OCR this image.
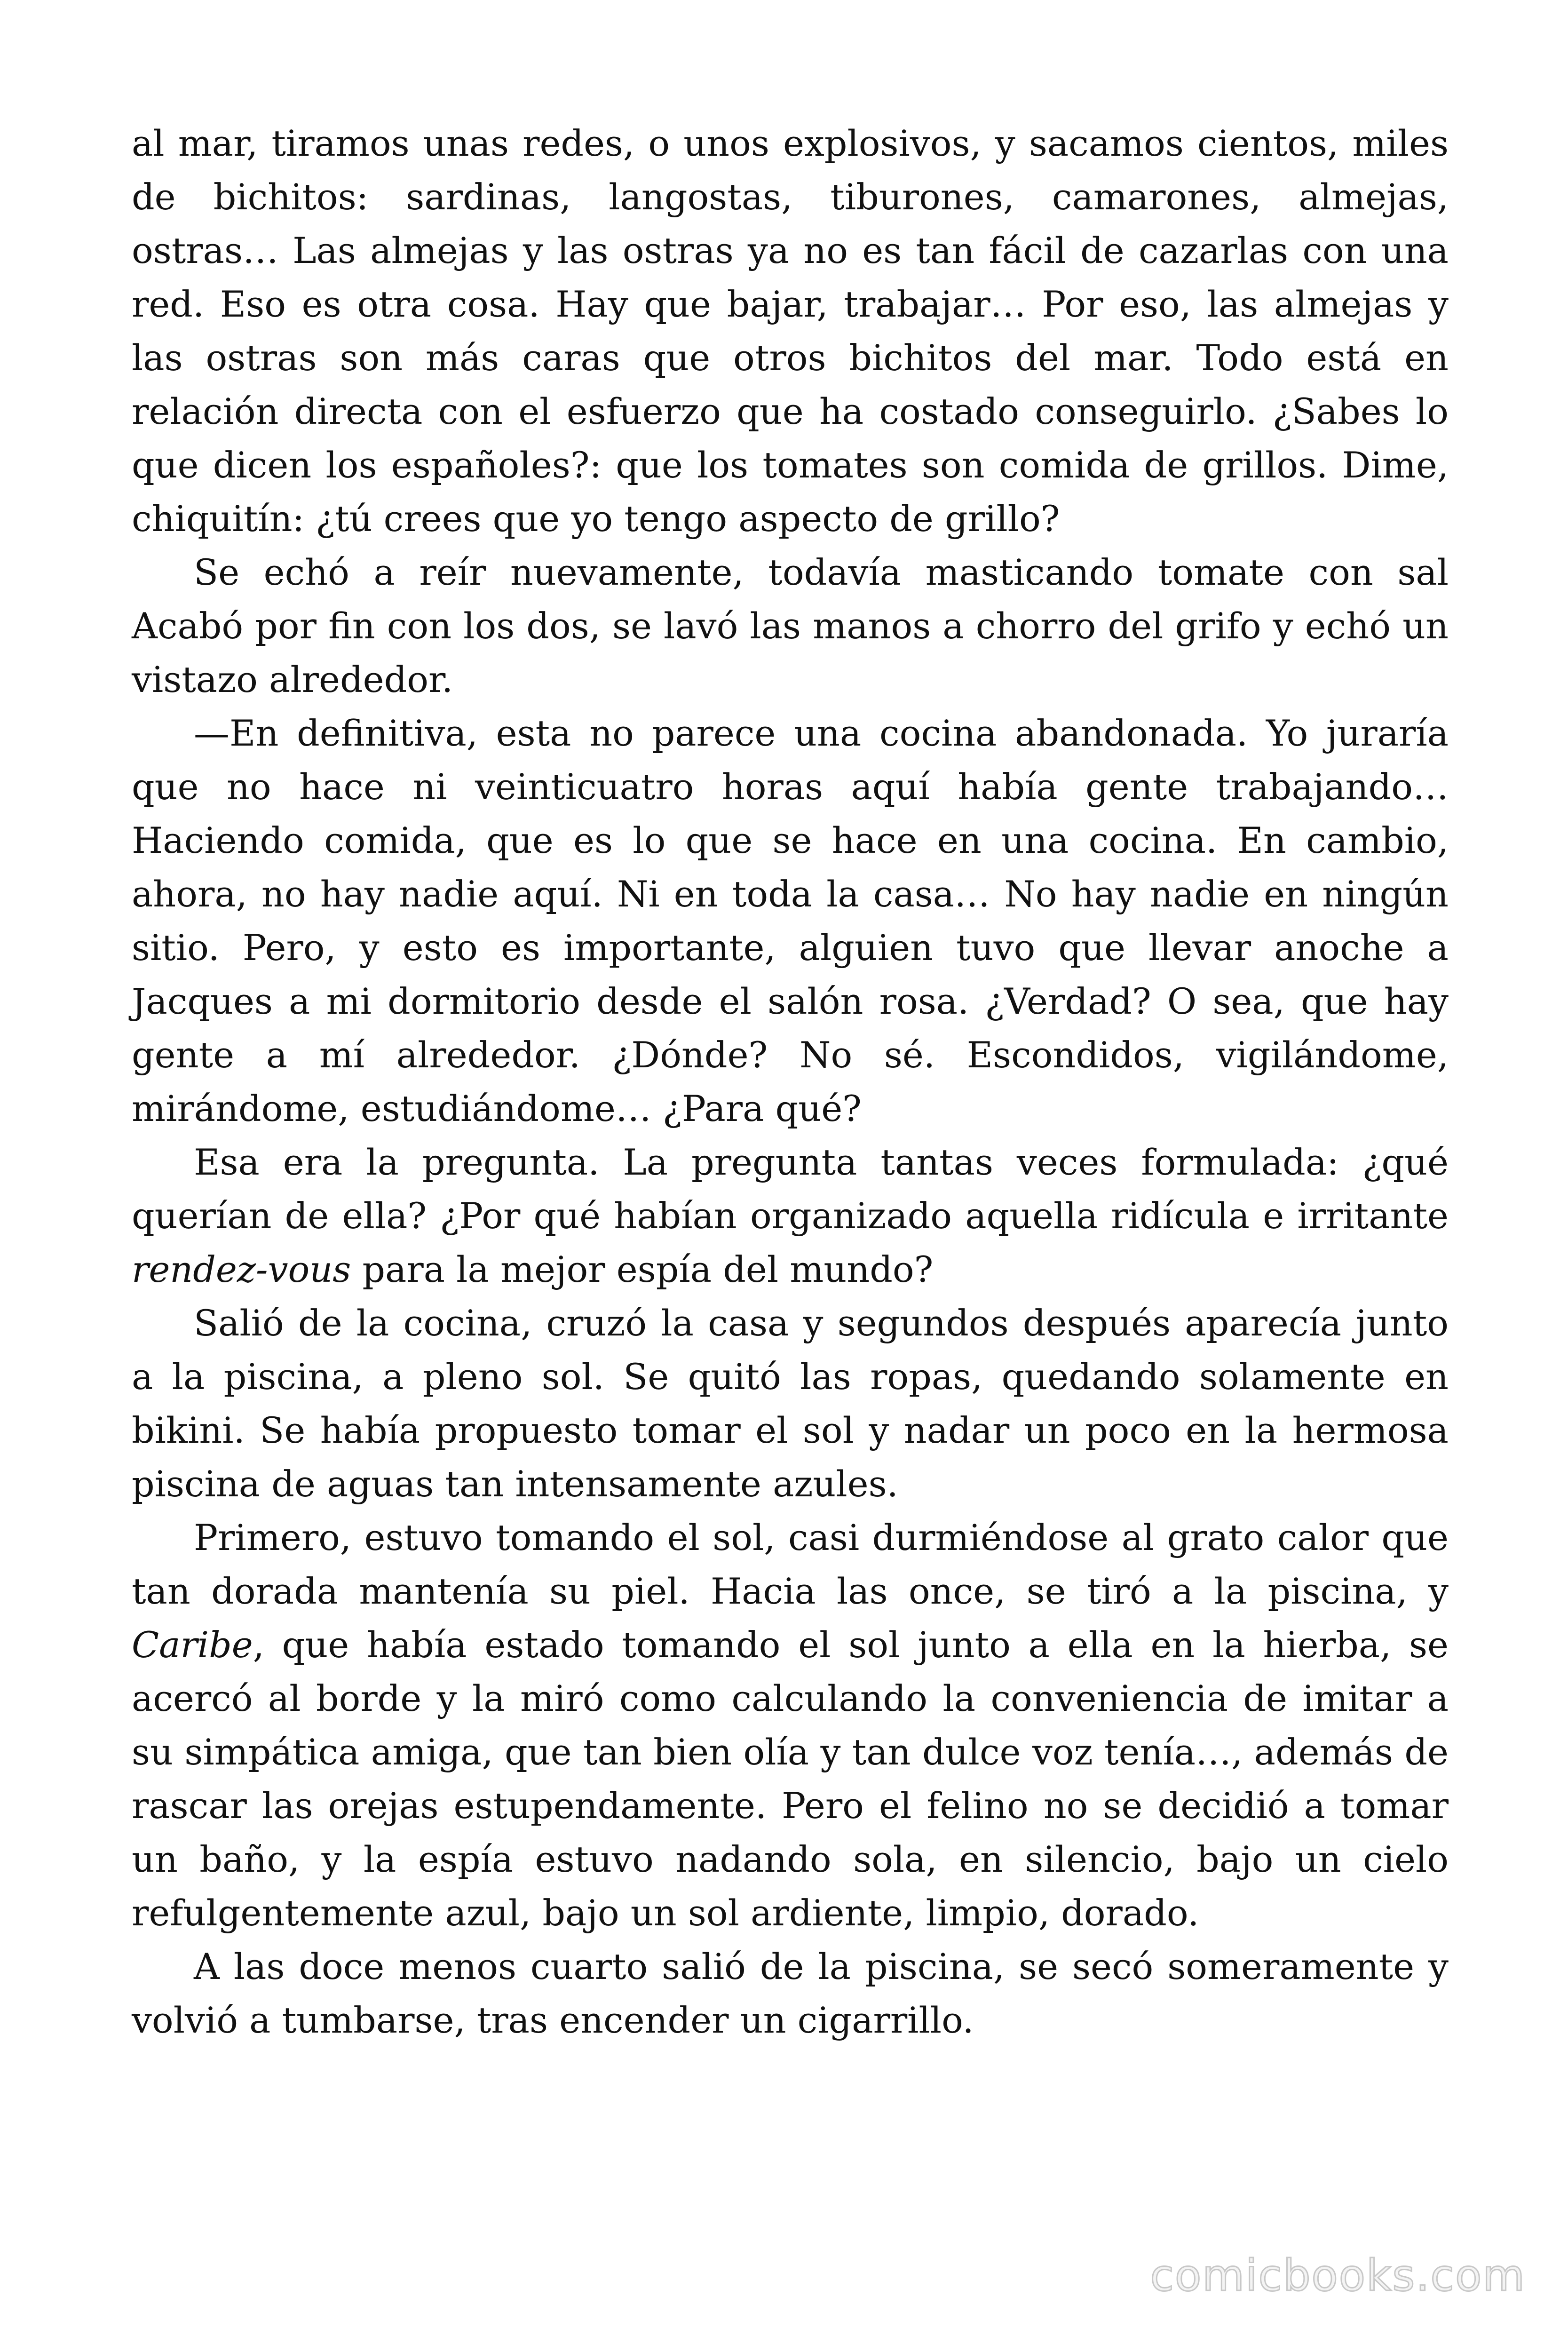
al mar, tiramos unas redes, o unos explosivos, y sacamos cientos, miles de bichitos: sardinas, langostas, tiburones, camarones, almejas, ostras… Las almejas y las ostras ya no es tan fácil de cazarlas con una red. Eso es otra cosa. Hay que bajar, trabajar… Por eso, las almejas y las ostras son más caras que otros bichitos del mar. Todo está en relación directa con el esfuerzo que ha costado conseguirlo. ¿Sabes lo que dicen los españoles?: que los tomates son comida de grillos. Dime, chiquitín: ¿tú crees que yo tengo aspecto de grillo?

Se echó a reír nuevamente, todavía masticando tomate con sal Acabó por fin con los dos, se lavó las manos a chorro del grifo y echó un vistazo alrededor.

—En definitiva, esta no parece una cocina abandonada. Yo juraría que no hace ni veinticuatro horas aquí había gente trabajando… Haciendo comida, que es lo que se hace en una cocina. En cambio, ahora, no hay nadie aquí. Ni en toda la casa… No hay nadie en ningún sitio. Pero, y esto es importante, alguien tuvo que llevar anoche a Jacques a mi dormitorio desde el salón rosa. ¿Verdad? O sea, que hay gente a mí alrededor. ¿Dónde? No sé. Escondidos, vigilándome, mirándome, estudiándome… ¿Para qué?

Esa era la pregunta. La pregunta tantas veces formulada: ¿qué querían de ella? ¿Por qué habían organizado aquella ridícula e irritante rendez-vous para la mejor espía del mundo?

Salió de la cocina, cruzó la casa y segundos después aparecía junto a la piscina, a pleno sol. Se quitó las ropas, quedando solamente en bikini. Se había propuesto tomar el sol y nadar un poco en la hermosa piscina de aguas tan intensamente azules.

Primero, estuvo tomando el sol, casi durmiéndose al grato calor que tan dorada mantenía su piel. Hacia las once, se tiró a la piscina, y Caribe, que había estado tomando el sol junto a ella en la hierba, se acercó al borde y la miró como calculando la conveniencia de imitar a su simpática amiga, que tan bien olía y tan dulce voz tenía…, además de rascar las orejas estupendamente. Pero el felino no se decidió a tomar un baño, y la espía estuvo nadando sola, en silencio, bajo un cielo refulgentemente azul, bajo un sol ardiente, limpio, dorado.

A las doce menos cuarto salió de la piscina, se secó someramente y volvió a tumbarse, tras encender un cigarrillo.

comicbooks.com
